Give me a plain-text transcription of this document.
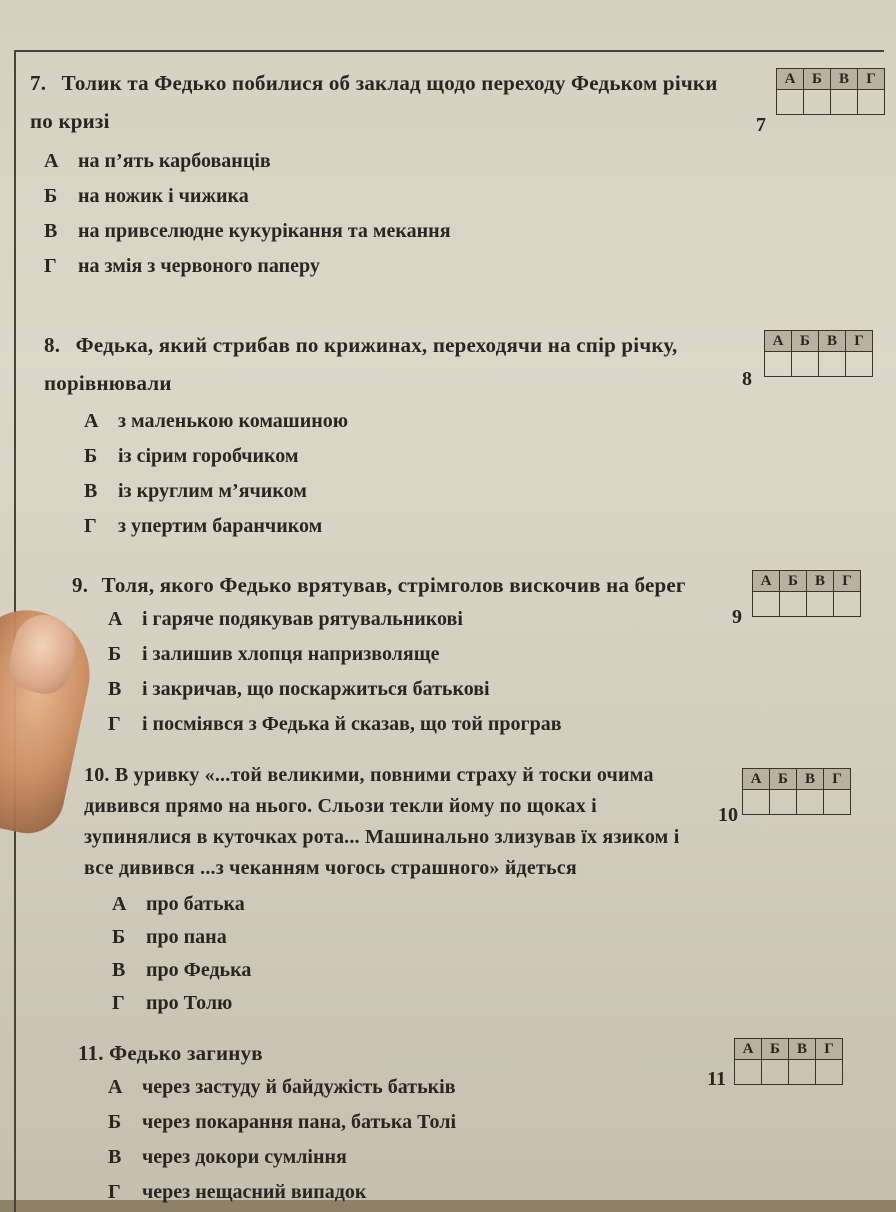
7. Толик та Федько побилися об заклад щодо переходу Федьком річки по кризі
А на п’ять карбованців
Б на ножик і чижика
В на привселюдне кукурікання та мекання
Г на змія з червоного паперу
7
А	Б	В	Г

8. Федька, який стрибав по крижинах, переходячи на спір річку, порівнювали
А з маленькою комашиною
Б із сірим горобчиком
В із круглим м’ячиком
Г з упертим баранчиком
8
А	Б	В	Г

9. Толя, якого Федько врятував, стрімголов вискочив на берег
А і гаряче подякував рятувальникові
Б і залишив хлопця напризволяще
В і закричав, що поскаржиться батькові
Г і посміявся з Федька й сказав, що той програв
9
А	Б	В	Г

10. В уривку «...той великими, повними страху й тоски очима дивився прямо на нього. Сльози текли йому по щоках і зупинялися в куточках рота... Машинально злизував їх язиком і все дивився ...з чеканням чогось страшного» йдеться
А про батька
Б про пана
В про Федька
Г про Толю
10
А	Б	В	Г

11. Федько загинув
А через застуду й байдужість батьків
Б через покарання пана, батька Толі
В через докори сумління
Г через нещасний випадок
11
А	Б	В	Г
